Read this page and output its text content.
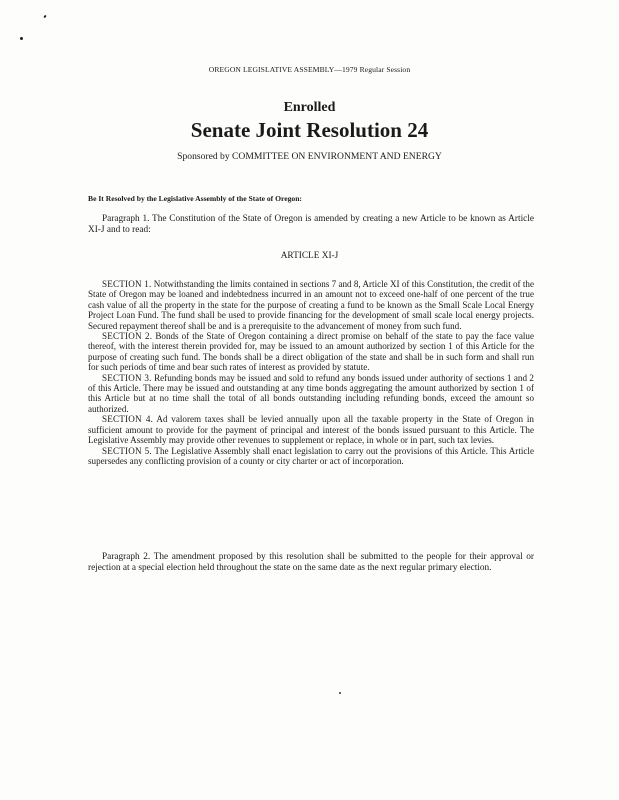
OREGON LEGISLATIVE ASSEMBLY—1979 Regular Session
Enrolled
Senate Joint Resolution 24
Sponsored by COMMITTEE ON ENVIRONMENT AND ENERGY
Be It Resolved by the Legislative Assembly of the State of Oregon:

Paragraph 1. The Constitution of the State of Oregon is amended by creating a new Article to be known as Article XI-J and to read:

ARTICLE XI-J

SECTION 1. Notwithstanding the limits contained in sections 7 and 8, Article XI of this Constitution, the credit of the State of Oregon may be loaned and indebtedness incurred in an amount not to exceed one-half of one percent of the true cash value of all the property in the state for the purpose of creating a fund to be known as the Small Scale Local Energy Project Loan Fund. The fund shall be used to provide financing for the development of small scale local energy projects. Secured repayment thereof shall be and is a prerequisite to the advancement of money from such fund.

SECTION 2. Bonds of the State of Oregon containing a direct promise on behalf of the state to pay the face value thereof, with the interest therein provided for, may be issued to an amount authorized by section 1 of this Article for the purpose of creating such fund. The bonds shall be a direct obligation of the state and shall be in such form and shall run for such periods of time and bear such rates of interest as provided by statute.

SECTION 3. Refunding bonds may be issued and sold to refund any bonds issued under authority of sections 1 and 2 of this Article. There may be issued and outstanding at any time bonds aggregating the amount authorized by section 1 of this Article but at no time shall the total of all bonds outstanding including refunding bonds, exceed the amount so authorized.

SECTION 4. Ad valorem taxes shall be levied annually upon all the taxable property in the State of Oregon in sufficient amount to provide for the payment of principal and interest of the bonds issued pursuant to this Article. The Legislative Assembly may provide other revenues to supplement or replace, in whole or in part, such tax levies.

SECTION 5. The Legislative Assembly shall enact legislation to carry out the provisions of this Article. This Article supersedes any conflicting provision of a county or city charter or act of incorporation.

Paragraph 2. The amendment proposed by this resolution shall be submitted to the people for their approval or rejection at a special election held throughout the state on the same date as the next regular primary election.
